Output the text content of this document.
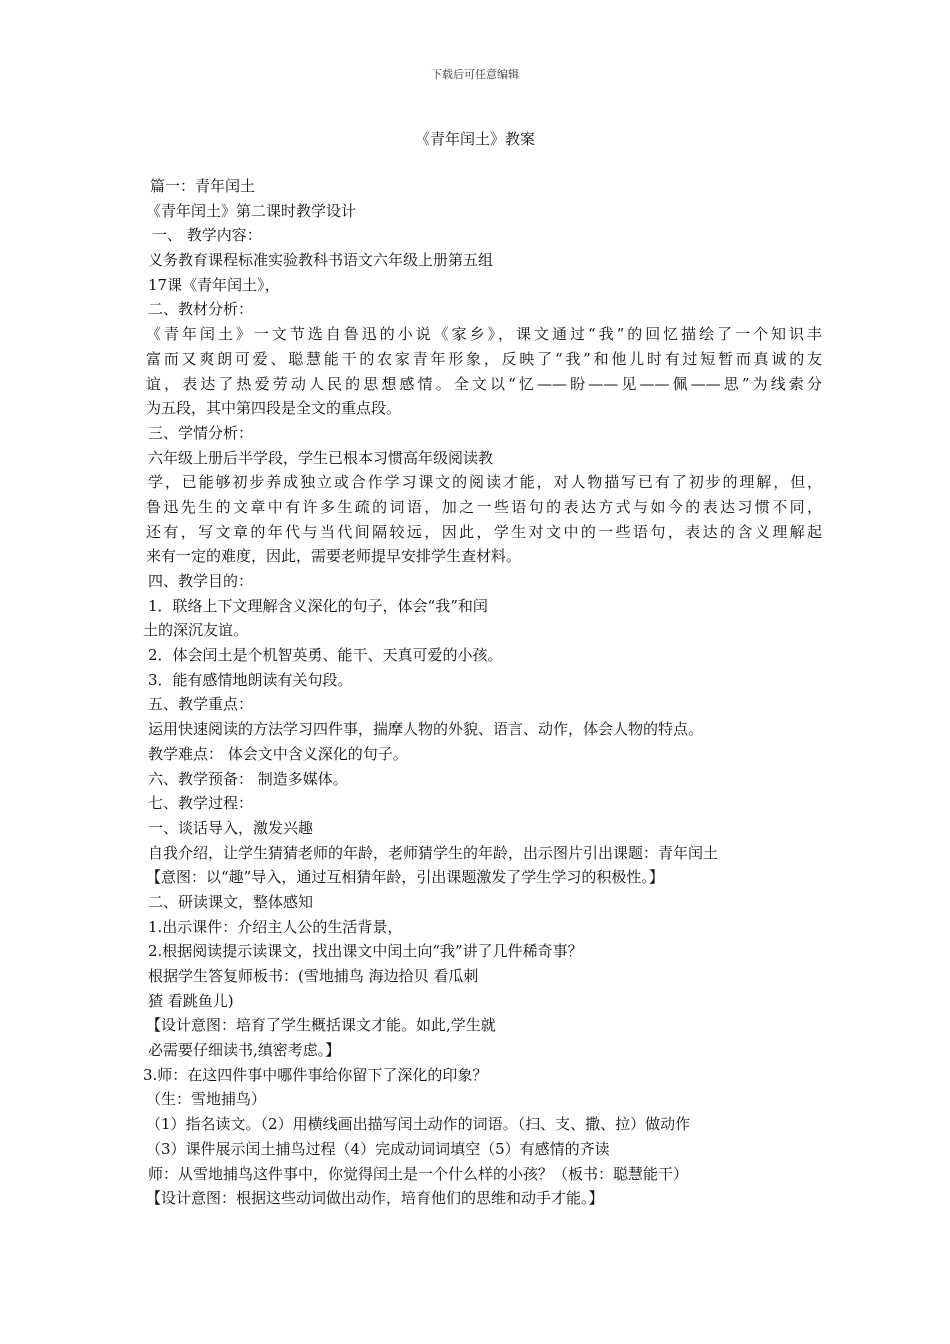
下载后可任意编辑
《青年闰土》教案
篇一：青年闰土
《青年闰土》第二课时教学设计
一、 教学内容：
义务教育课程标准实验教科书语文六年级上册第五组
17课《青年闰土》，
二、教材分析：
《青年闰土》一文节选自鲁迅的小说《家乡》，课文通过“我”的回忆描绘了一个知识丰
富而又爽朗可爱、聪慧能干的农家青年形象，反映了“我”和他儿时有过短暂而真诚的友
谊，表达了热爱劳动人民的思想感情。全文以“忆——盼——见——佩——思”为线索分
为五段，其中第四段是全文的重点段。
三、学情分析：
六年级上册后半学段，学生已根本习惯高年级阅读教
学，已能够初步养成独立或合作学习课文的阅读才能，对人物描写已有了初步的理解，但，
鲁迅先生的文章中有许多生疏的词语，加之一些语句的表达方式与如今的表达习惯不同，
还有，写文章的年代与当代间隔较远，因此，学生对文中的一些语句，表达的含义理解起
来有一定的难度，因此，需要老师提早安排学生查材料。
四、教学目的：
1．联络上下文理解含义深化的句子，体会“我”和闰
土的深沉友谊。
2．体会闰土是个机智英勇、能干、天真可爱的小孩。
3．能有感情地朗读有关句段。
五、教学重点：
运用快速阅读的方法学习四件事，揣摩人物的外貌、语言、动作，体会人物的特点。
教学难点： 体会文中含义深化的句子。
六、教学预备： 制造多媒体。
七、教学过程：
一、谈话导入，激发兴趣
自我介绍，让学生猜猜老师的年龄，老师猜学生的年龄，出示图片引出课题：青年闰土
【意图：以“趣”导入，通过互相猜年龄，引出课题激发了学生学习的积极性。】
二、研读课文，整体感知
1.出示课件：介绍主人公的生活背景，
2.根据阅读提示读课文，找出课文中闰土向“我”讲了几件稀奇事？
根据学生答复师板书：(雪地捕鸟 海边拾贝 看瓜刺
猹 看跳鱼儿)
【设计意图：培育了学生概括课文才能。如此,学生就
必需要仔细读书,缜密考虑。】
3.师：在这四件事中哪件事给你留下了深化的印象？
（生：雪地捕鸟）
（1）指名读文。（2）用横线画出描写闰土动作的词语。（扫、支、撒、拉）做动作
（3）课件展示闰土捕鸟过程（4）完成动词词填空（5）有感情的齐读
师：从雪地捕鸟这件事中，你觉得闰土是一个什么样的小孩？（板书：聪慧能干）
【设计意图：根据这些动词做出动作，培育他们的思维和动手才能。】
